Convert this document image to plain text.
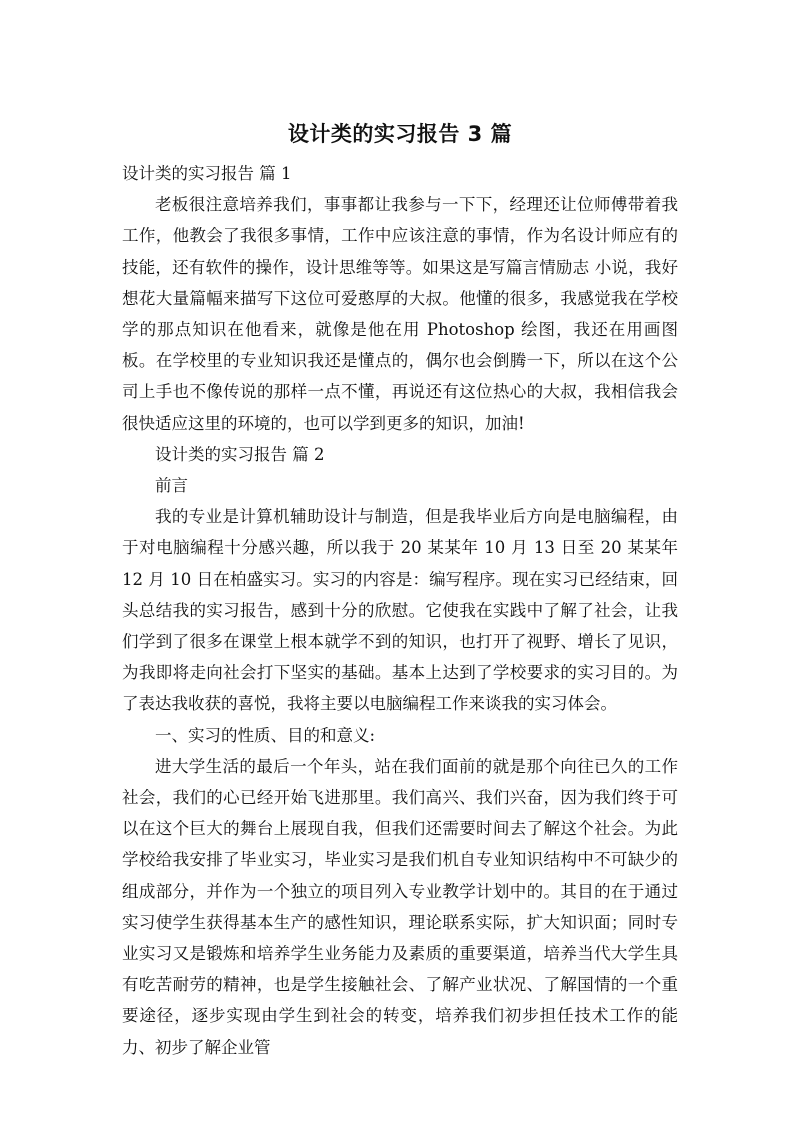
设计类的实习报告 3 篇

设计类的实习报告 篇 1

老板很注意培养我们，事事都让我参与一下下，经理还让位师傅带着我工作，他教会了我很多事情，工作中应该注意的事情，作为名设计师应有的技能，还有软件的操作，设计思维等等。如果这是写篇言情励志 小说，我好想花大量篇幅来描写下这位可爱憨厚的大叔。他懂的很多，我感觉我在学校学的那点知识在他看来，就像是他在用 Photoshop 绘图，我还在用画图板。在学校里的专业知识我还是懂点的，偶尔也会倒腾一下，所以在这个公司上手也不像传说的那样一点不懂，再说还有这位热心的大叔，我相信我会很快适应这里的环境的，也可以学到更多的知识，加油!

设计类的实习报告 篇 2

前言

我的专业是计算机辅助设计与制造，但是我毕业后方向是电脑编程，由于对电脑编程十分感兴趣，所以我于 20 某某年 10 月 13 日至 20 某某年 12 月 10 日在柏盛实习。实习的内容是：编写程序。现在实习已经结束，回头总结我的实习报告，感到十分的欣慰。它使我在实践中了解了社会，让我们学到了很多在课堂上根本就学不到的知识，也打开了视野、增长了见识，为我即将走向社会打下坚实的基础。基本上达到了学校要求的实习目的。为了表达我收获的喜悦，我将主要以电脑编程工作来谈我的实习体会。

一、实习的性质、目的和意义:

进大学生活的最后一个年头，站在我们面前的就是那个向往已久的工作社会，我们的心已经开始飞进那里。我们高兴、我们兴奋，因为我们终于可以在这个巨大的舞台上展现自我，但我们还需要时间去了解这个社会。为此学校给我安排了毕业实习，毕业实习是我们机自专业知识结构中不可缺少的组成部分，并作为一个独立的项目列入专业教学计划中的。其目的在于通过实习使学生获得基本生产的感性知识，理论联系实际，扩大知识面；同时专业实习又是锻炼和培养学生业务能力及素质的重要渠道，培养当代大学生具有吃苦耐劳的精神，也是学生接触社会、了解产业状况、了解国情的一个重要途径，逐步实现由学生到社会的转变，培养我们初步担任技术工作的能力、初步了解企业管
